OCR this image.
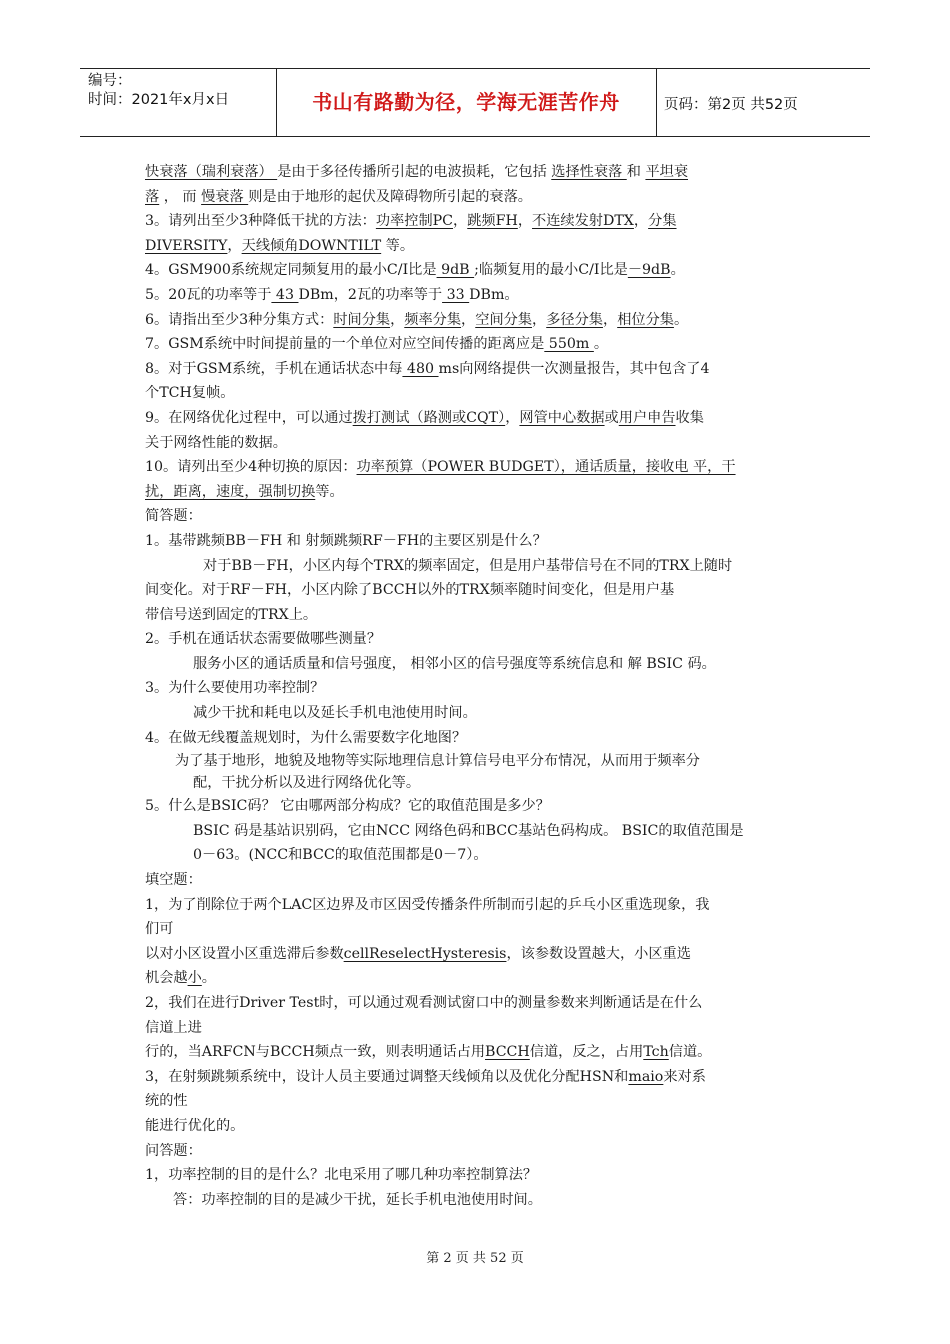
编号：
时间：2021年x月x日	书山有路勤为径，学海无涯苦作舟	页码：第2页 共52页
快衰落（瑞利衰落） 是由于多径传播所引起的电波损耗，它包括 选择性衰落 和 平坦衰
落 ， 而 慢衰落 则是由于地形的起伏及障碍物所引起的衰落。
3。请列出至少3种降低干扰的方法：功率控制PC，跳频FH，不连续发射DTX，分集
DIVERSITY，天线倾角DOWNTILT 等。
4。GSM900系统规定同频复用的最小C/I比是 9dB ;临频复用的最小C/I比是－9dB。
5。20瓦的功率等于 43 DBm，2瓦的功率等于 33 DBm。
6。请指出至少3种分集方式：时间分集，频率分集，空间分集，多径分集，相位分集。
7。GSM系统中时间提前量的一个单位对应空间传播的距离应是 550m 。
8。对于GSM系统，手机在通话状态中每 480 ms向网络提供一次测量报告，其中包含了4
个TCH复帧。
9。在网络优化过程中，可以通过拨打测试（路测或CQT），网管中心数据或用户申告收集
关于网络性能的数据。
10。请列出至少4种切换的原因：功率预算（POWER BUDGET），通话质量，接收电 平，干
扰，距离，速度，强制切换等。
简答题：
1。基带跳频BB－FH 和 射频跳频RF－FH的主要区别是什么？
对于BB－FH，小区内每个TRX的频率固定，但是用户基带信号在不同的TRX上随时
间变化。对于RF－FH，小区内除了BCCH以外的TRX频率随时间变化，但是用户基
带信号送到固定的TRX上。
2。手机在通话状态需要做哪些测量？
服务小区的通话质量和信号强度， 相邻小区的信号强度等系统信息和 解 BSIC 码。
3。为什么要使用功率控制？
减少干扰和耗电以及延长手机电池使用时间。
4。在做无线覆盖规划时，为什么需要数字化地图？
为了基于地形，地貌及地物等实际地理信息计算信号电平分布情况，从而用于频率分
配，干扰分析以及进行网络优化等。
5。什么是BSIC码？ 它由哪两部分构成？它的取值范围是多少？
BSIC 码是基站识别码，它由NCC 网络色码和BCC基站色码构成。 BSIC的取值范围是
0－63。(NCC和BCC的取值范围都是0－7）。
填空题：
1，为了削除位于两个LAC区边界及市区因受传播条件所制而引起的乒乓小区重选现象，我
们可
以对小区设置小区重选滞后参数cellReselectHysteresis，该参数设置越大，小区重选
机会越小。
2，我们在进行Driver Test时，可以通过观看测试窗口中的测量参数来判断通话是在什么
信道上进
行的，当ARFCN与BCCH频点一致，则表明通话占用BCCH信道，反之，占用Tch信道。
3，在射频跳频系统中，设计人员主要通过调整天线倾角以及优化分配HSN和maio来对系
统的性
能进行优化的。
问答题：
1，功率控制的目的是什么？北电采用了哪几种功率控制算法？
答：功率控制的目的是减少干扰，延长手机电池使用时间。
第 2 页 共 52 页
